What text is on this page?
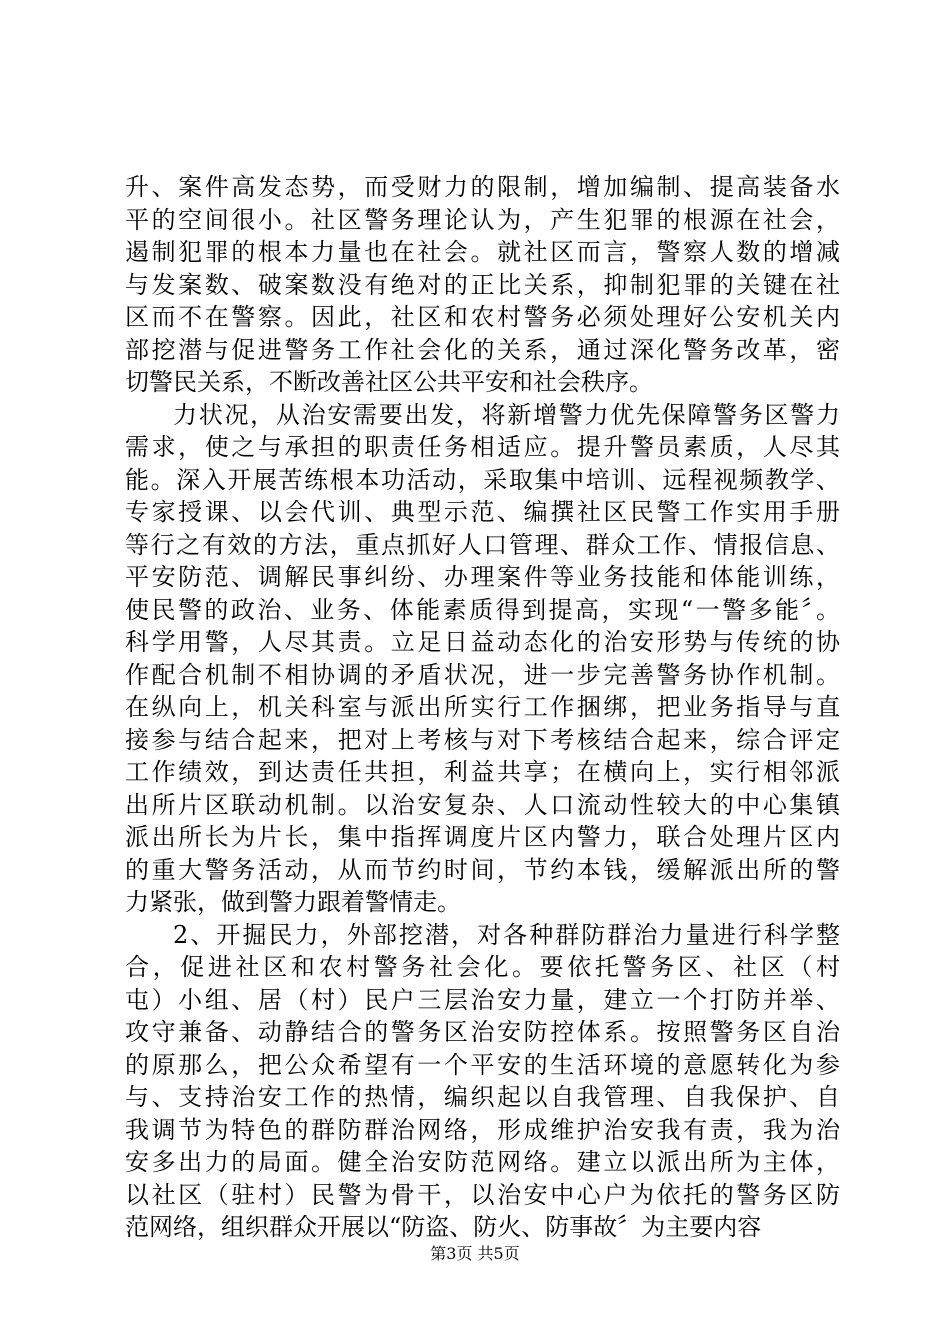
升、案件高发态势，而受财力的限制，增加编制、提高装备水
平的空间很小。社区警务理论认为，产生犯罪的根源在社会，
遏制犯罪的根本力量也在社会。就社区而言，警察人数的增减
与发案数、破案数没有绝对的正比关系，抑制犯罪的关键在社
区而不在警察。因此，社区和农村警务必须处理好公安机关内
部挖潜与促进警务工作社会化的关系，通过深化警务改革，密
切警民关系，不断改善社区公共平安和社会秩序。
力状况，从治安需要出发，将新增警力优先保障警务区警力
需求，使之与承担的职责任务相适应。提升警员素质，人尽其
能。深入开展苦练根本功活动，采取集中培训、远程视频教学、
专家授课、以会代训、典型示范、编撰社区民警工作实用手册
等行之有效的方法，重点抓好人口管理、群众工作、情报信息、
平安防范、调解民事纠纷、办理案件等业务技能和体能训练，
使民警的政治、业务、体能素质得到提高，实现“一警多能〞。
科学用警，人尽其责。立足日益动态化的治安形势与传统的协
作配合机制不相协调的矛盾状况，进一步完善警务协作机制。
在纵向上，机关科室与派出所实行工作捆绑，把业务指导与直
接参与结合起来，把对上考核与对下考核结合起来，综合评定
工作绩效，到达责任共担，利益共享；在横向上，实行相邻派
出所片区联动机制。以治安复杂、人口流动性较大的中心集镇
派出所长为片长，集中指挥调度片区内警力，联合处理片区内
的重大警务活动，从而节约时间，节约本钱，缓解派出所的警
力紧张，做到警力跟着警情走。
2、开掘民力，外部挖潜，对各种群防群治力量进行科学整
合，促进社区和农村警务社会化。要依托警务区、社区（村
屯）小组、居（村）民户三层治安力量，建立一个打防并举、
攻守兼备、动静结合的警务区治安防控体系。按照警务区自治
的原那么，把公众希望有一个平安的生活环境的意愿转化为参
与、支持治安工作的热情，编织起以自我管理、自我保护、自
我调节为特色的群防群治网络，形成维护治安我有责，我为治
安多出力的局面。健全治安防范网络。建立以派出所为主体，
以社区（驻村）民警为骨干，以治安中心户为依托的警务区防
范网络，组织群众开展以“防盗、防火、防事故〞为主要内容
第3页 共5页
